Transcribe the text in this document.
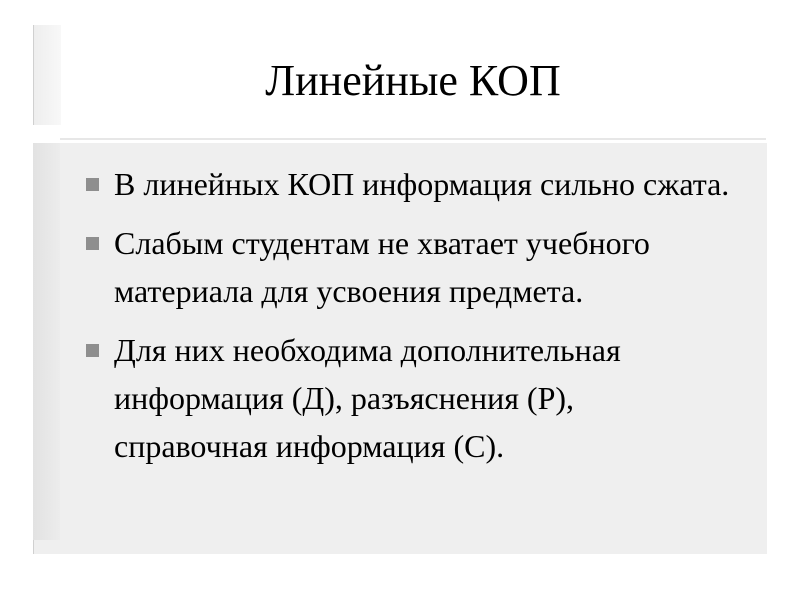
Линейные КОП
В линейных КОП информация сильно сжата.
Слабым студентам не хватает учебного материала для усвоения предмета.
Для них необходима дополнительная информация (Д), разъяснения (Р), справочная информация (С).
